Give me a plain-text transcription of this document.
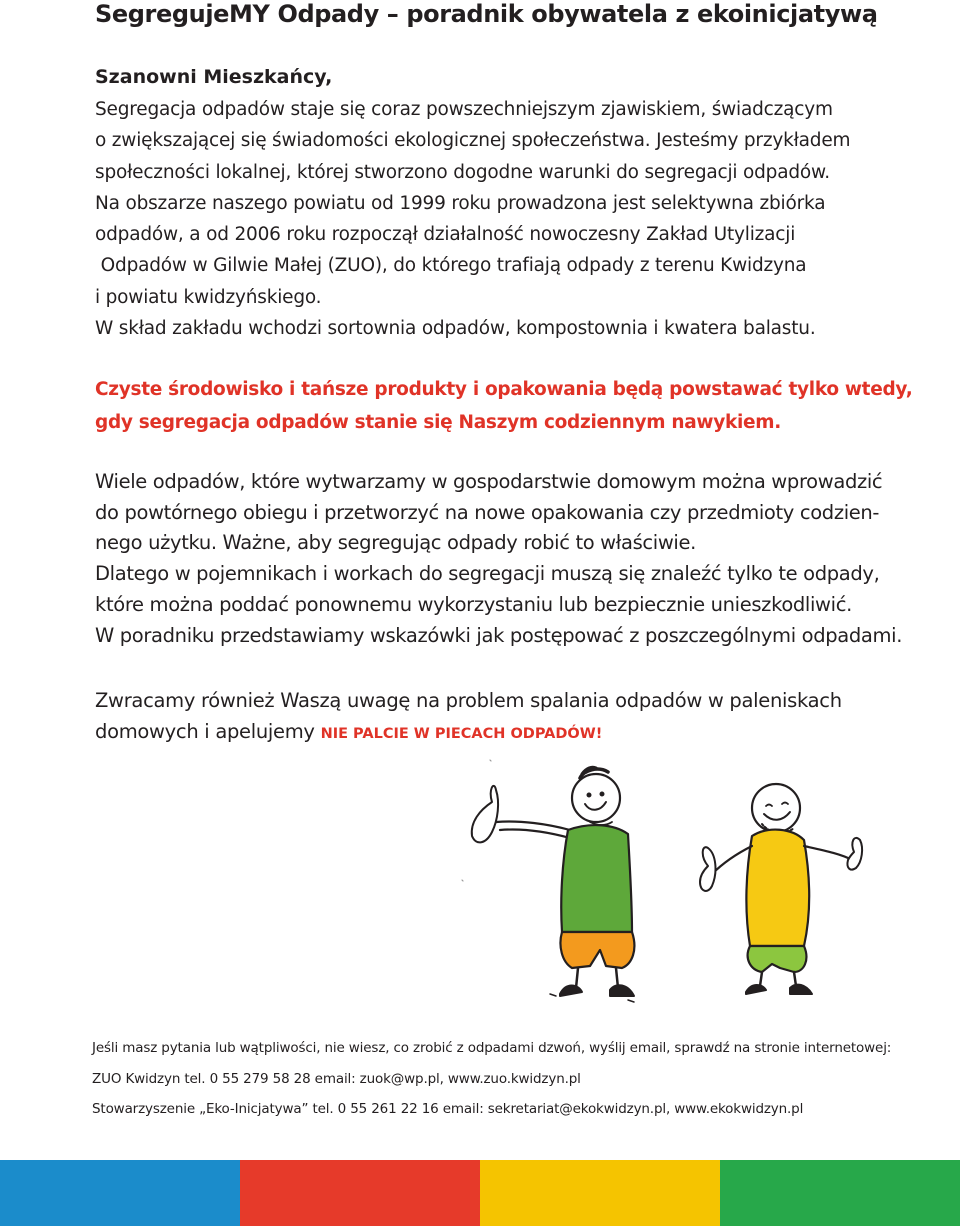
SegregujeMY Odpady – poradnik obywatela z ekoinicjatywą
Szanowni Mieszkańcy,
Segregacja odpadów staje się coraz powszechniejszym zjawiskiem, świadczącym
o zwiększającej się świadomości ekologicznej społeczeństwa. Jesteśmy przykładem
społeczności lokalnej, której stworzono dogodne warunki do segregacji odpadów.
Na obszarze naszego powiatu od 1999 roku prowadzona jest selektywna zbiórka
odpadów, a od 2006 roku rozpoczął działalność nowoczesny Zakład Utylizacji
Odpadów w Gilwie Małej (ZUO), do którego trafiają odpady z terenu Kwidzyna
i powiatu kwidzyńskiego.
W skład zakładu wchodzi sortownia odpadów, kompostownia i kwatera balastu.
Czyste środowisko i tańsze produkty i opakowania będą powstawać tylko wtedy,
gdy segregacja odpadów stanie się Naszym codziennym nawykiem.
Wiele odpadów, które wytwarzamy w gospodarstwie domowym można wprowadzić
do powtórnego obiegu i przetworzyć na nowe opakowania czy przedmioty codzien-
nego użytku. Ważne, aby segregując odpady robić to właściwie.
Dlatego w pojemnikach i workach do segregacji muszą się znaleźć tylko te odpady,
które można poddać ponownemu wykorzystaniu lub bezpiecznie unieszkodliwić.
W poradniku przedstawiamy wskazówki jak postępować z poszczególnymi odpadami.
Zwracamy również Waszą uwagę na problem spalania odpadów w paleniskach
domowych i apelujemy NIE PALCIE W PIECACH ODPADÓW!
Jeśli masz pytania lub wątpliwości, nie wiesz, co zrobić z odpadami dzwoń, wyślij email, sprawdź na stronie internetowej:
ZUO Kwidzyn tel. 0 55 279 58 28 email: zuok@wp.pl, www.zuo.kwidzyn.pl
Stowarzyszenie „Eko-Inicjatywa” tel. 0 55 261 22 16 email: sekretariat@ekokwidzyn.pl, www.ekokwidzyn.pl
